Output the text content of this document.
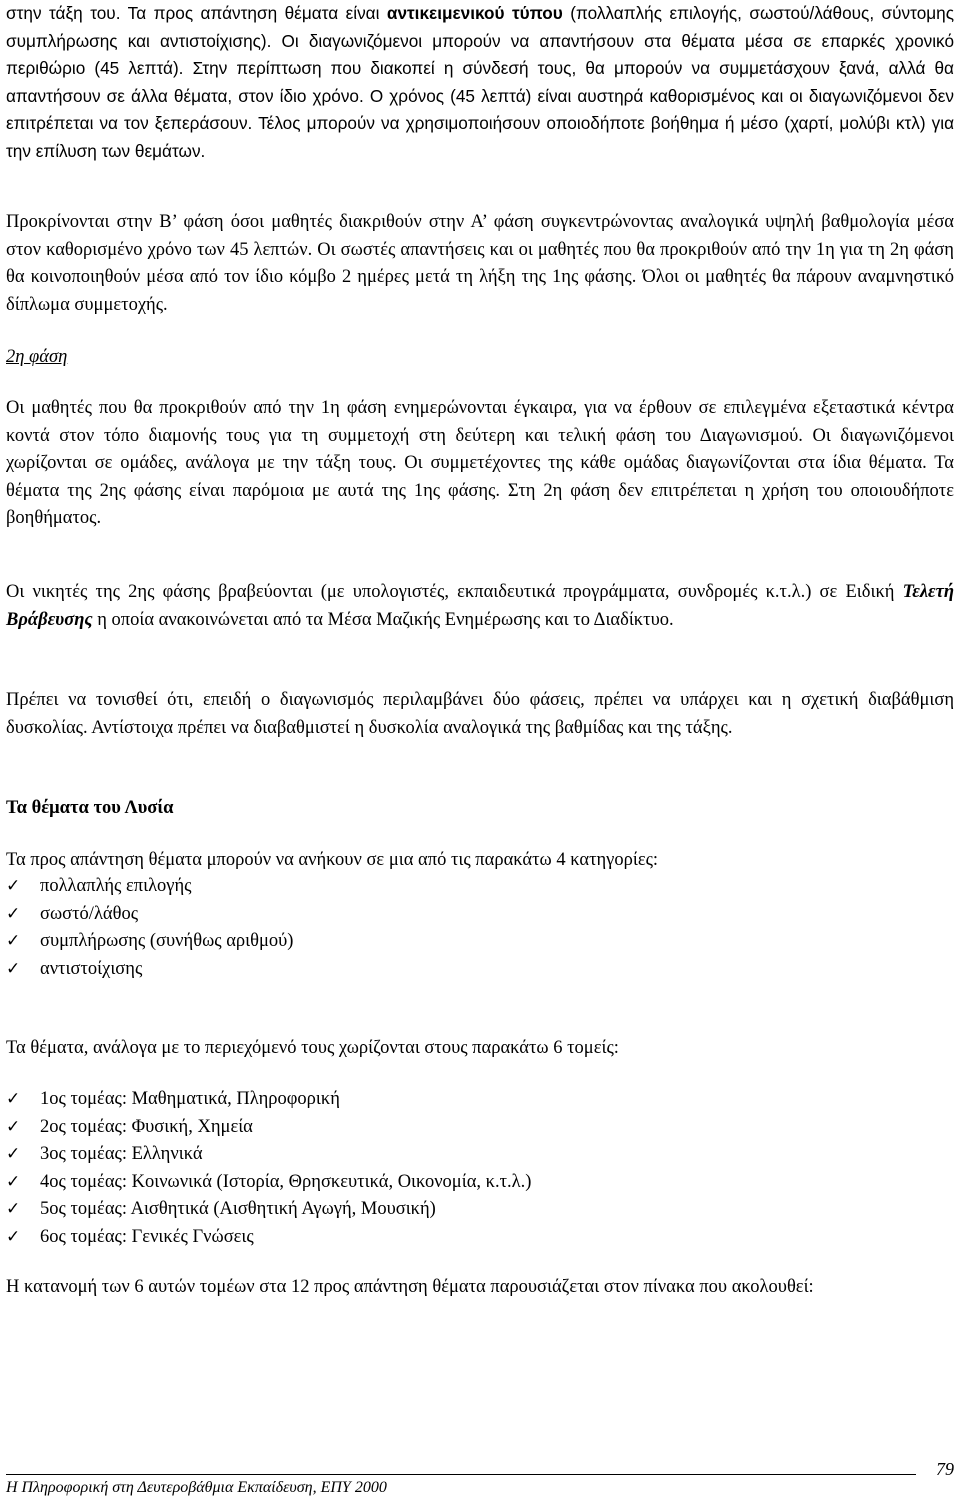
στην τάξη του. Τα προς απάντηση θέματα είναι αντικειμενικού τύπου (πολλαπλής επιλογής, σωστού/λάθους, σύντομης συμπλήρωσης και αντιστοίχισης). Οι διαγωνιζόμενοι μπορούν να απαντήσουν στα θέματα μέσα σε επαρκές χρονικό περιθώριο (45 λεπτά). Στην περίπτωση που διακοπεί η σύνδεσή τους, θα μπορούν να συμμετάσχουν ξανά, αλλά θα απαντήσουν σε άλλα θέματα, στον ίδιο χρόνο. Ο χρόνος (45 λεπτά) είναι αυστηρά καθορισμένος και οι διαγωνιζόμενοι δεν επιτρέπεται να τον ξεπεράσουν. Τέλος μπορούν να χρησιμοποιήσουν οποιοδήποτε βοήθημα ή μέσο (χαρτί, μολύβι κτλ) για την επίλυση των θεμάτων.

Προκρίνονται στην Β’ φάση όσοι μαθητές διακριθούν στην Α’ φάση συγκεντρώνοντας αναλογικά υψηλή βαθμολογία μέσα στον καθορισμένο χρόνο των 45 λεπτών. Οι σωστές απαντήσεις και οι μαθητές που θα προκριθούν από την 1η για τη 2η φάση θα κοινοποιηθούν μέσα από τον ίδιο κόμβο 2 ημέρες μετά τη λήξη της 1ης φάσης. Όλοι οι μαθητές θα πάρουν αναμνηστικό δίπλωμα συμμετοχής.

2η φάση

Οι μαθητές που θα προκριθούν από την 1η φάση ενημερώνονται έγκαιρα, για να έρθουν σε επιλεγμένα εξεταστικά κέντρα κοντά στον τόπο διαμονής τους για τη συμμετοχή στη δεύτερη και τελική φάση του Διαγωνισμού. Οι διαγωνιζόμενοι χωρίζονται σε ομάδες, ανάλογα με την τάξη τους. Οι συμμετέχοντες της κάθε ομάδας διαγωνίζονται στα ίδια θέματα. Τα θέματα της 2ης φάσης είναι παρόμοια με αυτά της 1ης φάσης. Στη 2η φάση δεν επιτρέπεται η χρήση του οποιουδήποτε βοηθήματος.

Οι νικητές της 2ης φάσης βραβεύονται (με υπολογιστές, εκπαιδευτικά προγράμματα, συνδρομές κ.τ.λ.) σε Ειδική Τελετή Βράβευσης η οποία ανακοινώνεται από τα Μέσα Μαζικής Ενημέρωσης και το Διαδίκτυο.

Πρέπει να τονισθεί ότι, επειδή ο διαγωνισμός περιλαμβάνει δύο φάσεις, πρέπει να υπάρχει και η σχετική διαβάθμιση δυσκολίας. Αντίστοιχα πρέπει να διαβαθμιστεί η δυσκολία αναλογικά της βαθμίδας και της τάξης.

Τα θέματα του Λυσία

Τα προς απάντηση θέματα μπορούν να ανήκουν σε μια από τις παρακάτω 4 κατηγορίες:

✓	πολλαπλής επιλογής
✓	σωστό/λάθος
✓	συμπλήρωσης (συνήθως αριθμού)
✓	αντιστοίχισης

Τα θέματα, ανάλογα με το περιεχόμενό τους χωρίζονται στους παρακάτω 6 τομείς:

✓	1ος τομέας: Μαθηματικά, Πληροφορική
✓	2ος τομέας: Φυσική, Χημεία
✓	3ος τομέας: Ελληνικά
✓	4ος τομέας: Κοινωνικά (Ιστορία, Θρησκευτικά, Οικονομία, κ.τ.λ.)
✓	5ος τομέας: Αισθητικά (Αισθητική Αγωγή, Μουσική)
✓	6ος τομέας: Γενικές Γνώσεις

Η κατανομή των 6 αυτών τομέων στα 12 προς απάντηση θέματα παρουσιάζεται στον πίνακα που ακολουθεί:

79
Η Πληροφορική στη Δευτεροβάθμια Εκπαίδευση, ΕΠΥ 2000
